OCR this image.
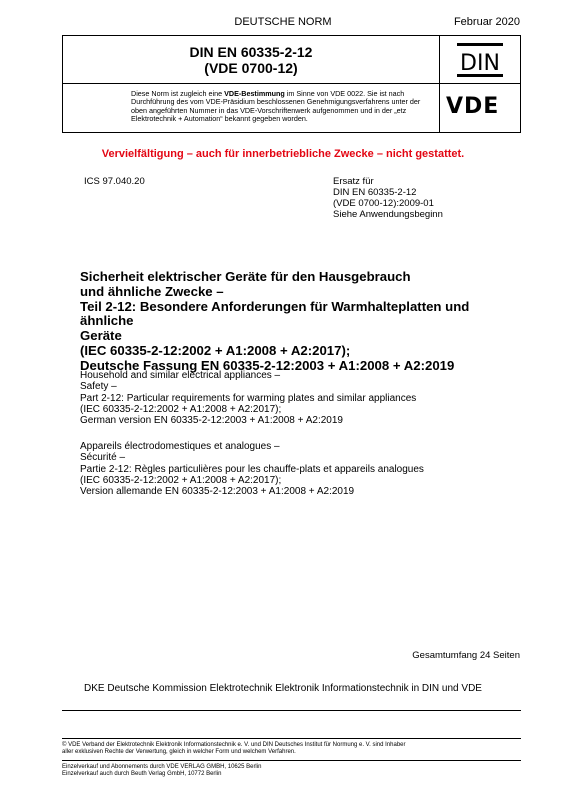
DEUTSCHE NORM	Februar 2020
DIN EN 60335-2-12
(VDE 0700-12)	DIN
Diese Norm ist zugleich eine VDE-Bestimmung im Sinne von VDE 0022. Sie ist nach Durchführung des vom VDE-Präsidium beschlossenen Genehmigungsverfahrens unter der oben angeführten Nummer in das VDE-Vorschriftenwerk aufgenommen und in der „etz Elektrotechnik + Automation“ bekannt gegeben worden.	VDE
Vervielfältigung – auch für innerbetriebliche Zwecke – nicht gestattet.
ICS 97.040.20	Ersatz für
DIN EN 60335-2-12
(VDE 0700-12):2009-01
Siehe Anwendungsbeginn
Sicherheit elektrischer Geräte für den Hausgebrauch
und ähnliche Zwecke –
Teil 2-12: Besondere Anforderungen für Warmhalteplatten und ähnliche
Geräte
(IEC 60335-2-12:2002 + A1:2008 + A2:2017);
Deutsche Fassung EN 60335-2-12:2003 + A1:2008 + A2:2019
Household and similar electrical appliances –
Safety –
Part 2-12: Particular requirements for warming plates and similar appliances
(IEC 60335-2-12:2002 + A1:2008 + A2:2017);
German version EN 60335-2-12:2003 + A1:2008 + A2:2019
Appareils électrodomestiques et analogues –
Sécurité –
Partie 2-12: Règles particulières pour les chauffe-plats et appareils analogues
(IEC 60335-2-12:2002 + A1:2008 + A2:2017);
Version allemande EN 60335-2-12:2003 + A1:2008 + A2:2019
Gesamtumfang 24 Seiten
DKE Deutsche Kommission Elektrotechnik Elektronik Informationstechnik in DIN und VDE
© VDE Verband der Elektrotechnik Elektronik Informationstechnik e. V. und DIN Deutsches Institut für Normung e. V. sind Inhaber
aller exklusiven Rechte der Verwertung, gleich in welcher Form und welchem Verfahren.
Einzelverkauf und Abonnements durch VDE VERLAG GMBH, 10625 Berlin
Einzelverkauf auch durch Beuth Verlag GmbH, 10772 Berlin
